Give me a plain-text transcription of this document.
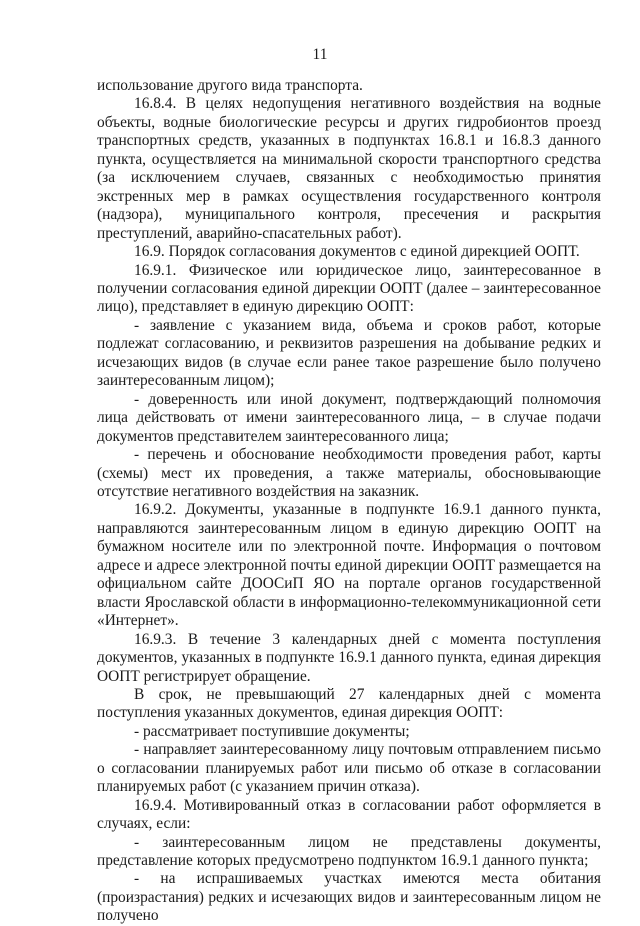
11

использование другого вида транспорта.

16.8.4. В целях недопущения негативного воздействия на водные объекты, водные биологические ресурсы и других гидробионтов проезд транспортных средств, указанных в подпунктах 16.8.1 и 16.8.3 данного пункта, осуществляется на минимальной скорости транспортного средства (за исключением случаев, связанных с необходимостью принятия экстренных мер в рамках осуществления государственного контроля (надзора), муниципального контроля, пресечения и раскрытия преступлений, аварийно-спасательных работ).

16.9. Порядок согласования документов с единой дирекцией ООПТ.

16.9.1. Физическое или юридическое лицо, заинтересованное в получении согласования единой дирекции ООПТ (далее – заинтересованное лицо), представляет в единую дирекцию ООПТ:

- заявление с указанием вида, объема и сроков работ, которые подлежат согласованию, и реквизитов разрешения на добывание редких и исчезающих видов (в случае если ранее такое разрешение было получено заинтересованным лицом);

- доверенность или иной документ, подтверждающий полномочия лица действовать от имени заинтересованного лица, – в случае подачи документов представителем заинтересованного лица;

- перечень и обоснование необходимости проведения работ, карты (схемы) мест их проведения, а также материалы, обосновывающие отсутствие негативного воздействия на заказник.

16.9.2. Документы, указанные в подпункте 16.9.1 данного пункта, направляются заинтересованным лицом в единую дирекцию ООПТ на бумажном носителе или по электронной почте. Информация о почтовом адресе и адресе электронной почты единой дирекции ООПТ размещается на официальном сайте ДООСиП ЯО на портале органов государственной власти Ярославской области в информационно-телекоммуникационной сети «Интернет».

16.9.3. В течение 3 календарных дней с момента поступления документов, указанных в подпункте 16.9.1 данного пункта, единая дирекция ООПТ регистрирует обращение.

В срок, не превышающий 27 календарных дней с момента поступления указанных документов, единая дирекция ООПТ:

- рассматривает поступившие документы;

- направляет заинтересованному лицу почтовым отправлением письмо о согласовании планируемых работ или письмо об отказе в согласовании планируемых работ (с указанием причин отказа).

16.9.4. Мотивированный отказ в согласовании работ оформляется в случаях, если:

- заинтересованным лицом не представлены документы, представление которых предусмотрено подпунктом 16.9.1 данного пункта;

- на испрашиваемых участках имеются места обитания (произрастания) редких и исчезающих видов и заинтересованным лицом не получено
